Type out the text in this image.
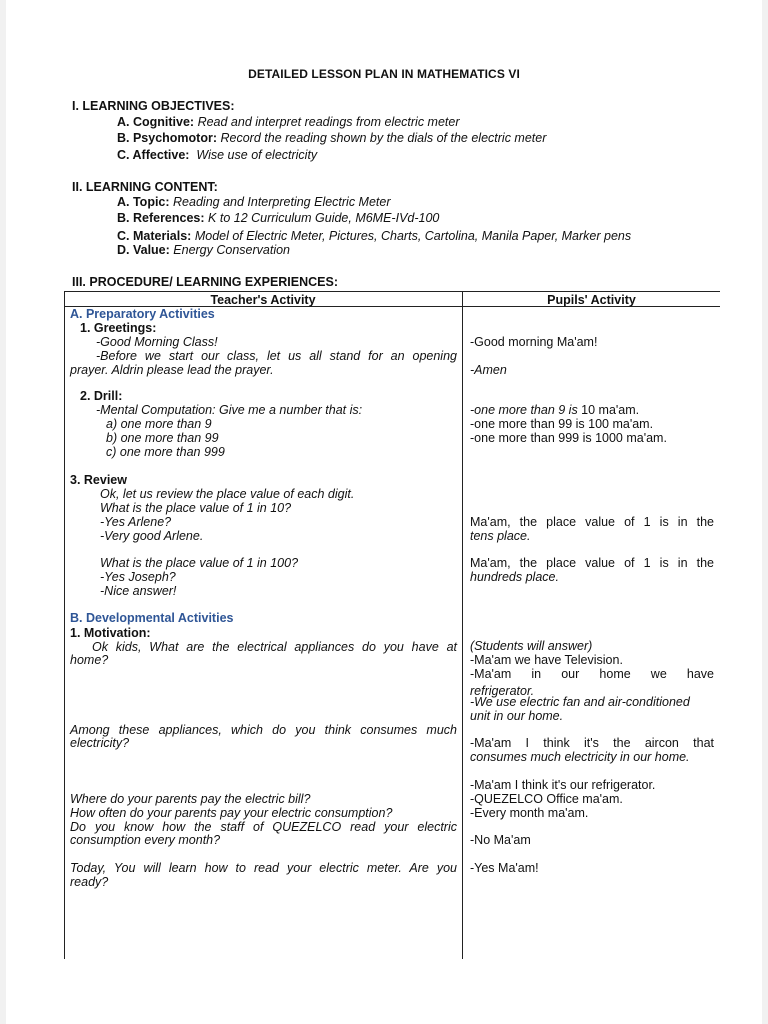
DETAILED LESSON PLAN IN MATHEMATICS VI
I. LEARNING OBJECTIVES:
A. Cognitive: Read and interpret readings from electric meter
B. Psychomotor: Record the reading shown by the dials of the electric meter
C. Affective: Wise use of electricity
II. LEARNING CONTENT:
A. Topic: Reading and Interpreting Electric Meter
B. References: K to 12 Curriculum Guide, M6ME-IVd-100
C. Materials: Model of Electric Meter, Pictures, Charts, Cartolina, Manila Paper, Marker pens
D. Value: Energy Conservation
III. PROCEDURE/ LEARNING EXPERIENCES:
Teacher's Activity	Pupils' Activity
A. Preparatory Activities
1. Greetings:
-Good Morning Class!
-Before we start our class, let us all stand for an opening
prayer. Aldrin please lead the prayer.
2. Drill:
-Mental Computation: Give me a number that is:
a) one more than 9
b) one more than 99
c) one more than 999
3. Review
Ok, let us review the place value of each digit.
What is the place value of 1 in 10?
-Yes Arlene?
-Very good Arlene.
What is the place value of 1 in 100?
-Yes Joseph?
-Nice answer!
B. Developmental Activities
1. Motivation:
Ok kids, What are the electrical appliances do you have at
home?
Among these appliances, which do you think consumes much
electricity?
Where do your parents pay the electric bill?
How often do your parents pay your electric consumption?
Do you know how the staff of QUEZELCO read your electric
consumption every month?
Today, You will learn how to read your electric meter. Are you
ready?
-Good morning Ma'am!
-Amen
-one more than 9 is 10 ma'am.
-one more than 99 is 100 ma'am.
-one more than 999 is 1000 ma'am.
Ma'am, the place value of 1 is in the
tens place.
Ma'am, the place value of 1 is in the
hundreds place.
(Students will answer)
-Ma'am we have Television.
-Ma'am in our home we have
refrigerator.
-We use electric fan and air-conditioned
unit in our home.
-Ma'am I think it's the aircon that
consumes much electricity in our home.
-Ma'am I think it's our refrigerator.
-QUEZELCO Office ma'am.
-Every month ma'am.
-No Ma'am
-Yes Ma'am!
